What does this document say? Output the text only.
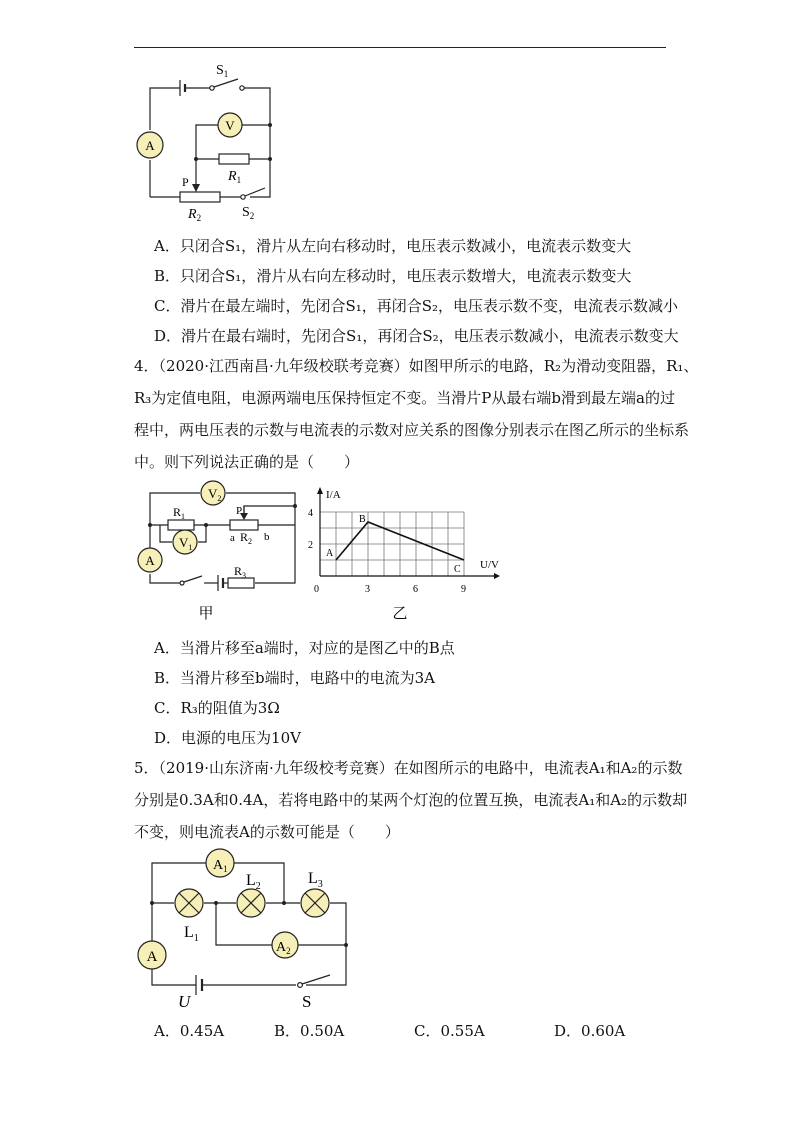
A
V
$S_1$
$R_1$
P
$R_2$	$S_2$
A．只闭合S₁，滑片从左向右移动时，电压表示数减小，电流表示数变大
B．只闭合S₁，滑片从右向左移动时，电压表示数增大，电流表示数变大
C．滑片在最左端时，先闭合S₁，再闭合S₂，电压表示数不变，电流表示数减小
D．滑片在最右端时，先闭合S₁，再闭合S₂，电压表示数减小，电流表示数变大
4．（2020·江西南昌·九年级校联考竞赛）如图甲所示的电路，R₂为滑动变阻器，R₁、
R₃为定值电阻，电源两端电压保持恒定不变。当滑片P从最右端b滑到最左端a的过
程中，两电压表的示数与电流表的示数对应关系的图像分别表示在图乙所示的坐标系
中。则下列说法正确的是（　　）
A
$V_2$
$V_1$
$R_1$	P
a $R_2$ b
$R_3$
甲
I/A
U/V
4
2
0	3	6	9
A
B
C
乙
A．当滑片移至a端时，对应的是图乙中的B点
B．当滑片移至b端时，电路中的电流为3A
C．R₃的阻值为3Ω
D．电源的电压为10V
5．（2019·山东济南·九年级校考竞赛）在如图所示的电路中，电流表A₁和A₂的示数
分别是0.3A和0.4A，若将电路中的某两个灯泡的位置互换，电流表A₁和A₂的示数却
不变，则电流表A的示数可能是（　　）
$A_1$
$A_2$
A
$L_2$	$L_3$
$L_1$
U	S
A．0.45A	B．0.50A	C．0.55A	D．0.60A
